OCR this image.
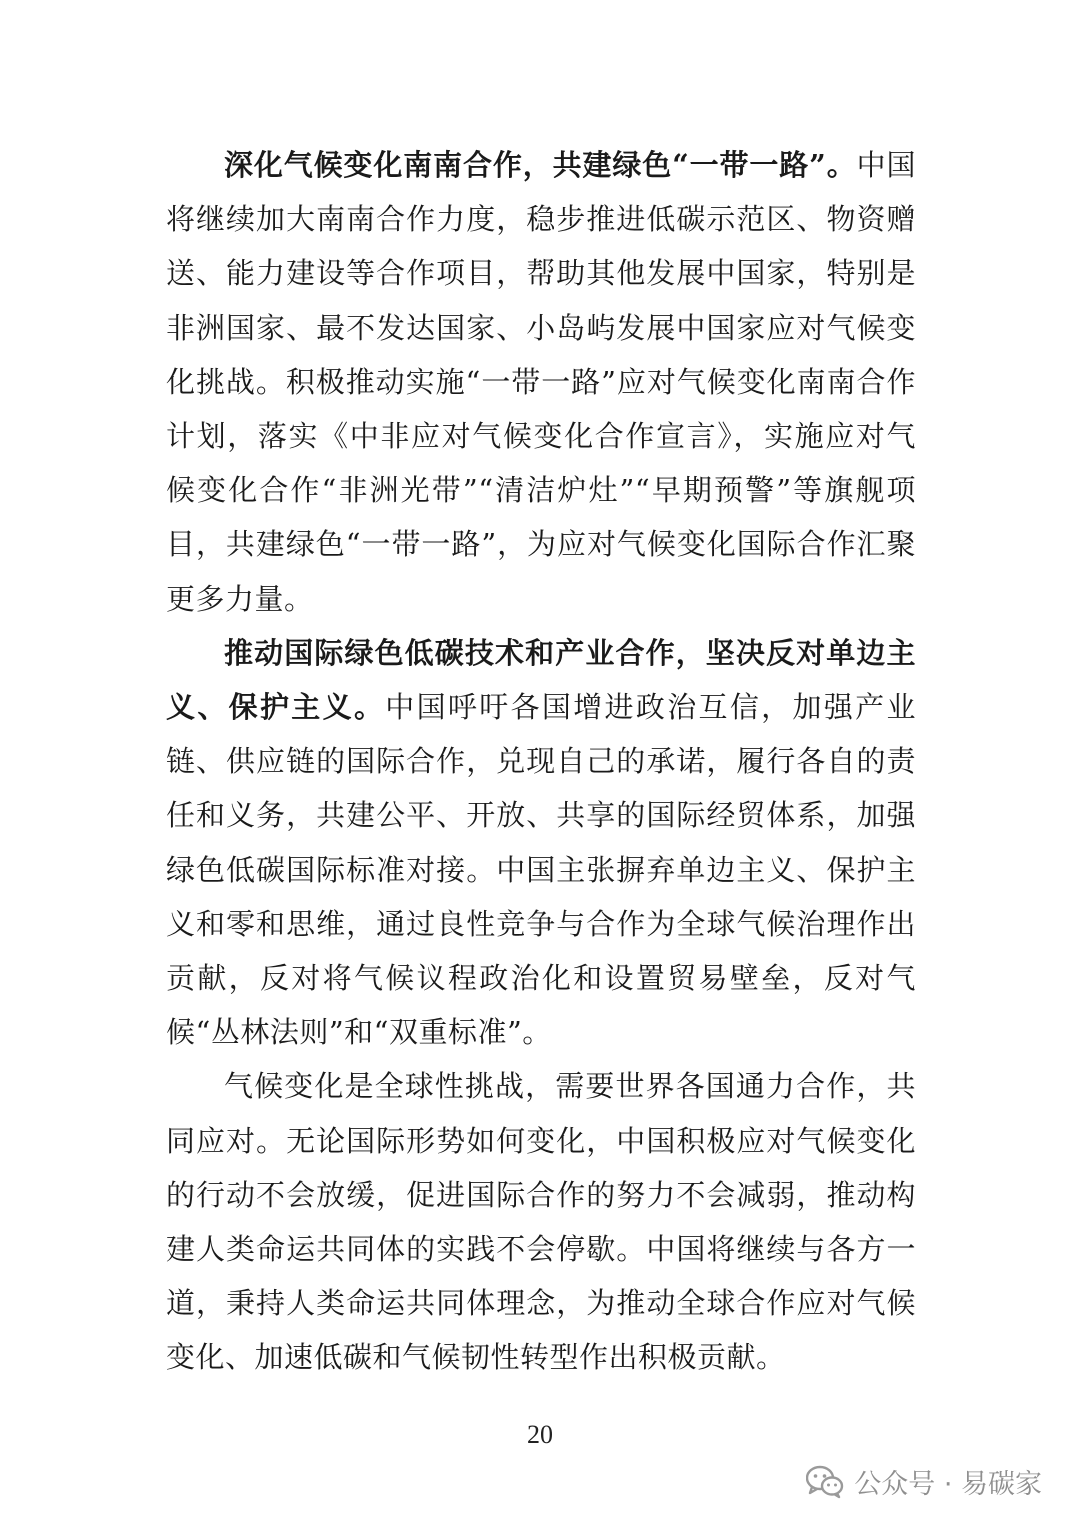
深化气候变化南南合作，共建绿色“一带一路”。中国将继续加大南南合作力度，稳步推进低碳示范区、物资赠送、能力建设等合作项目，帮助其他发展中国家，特别是非洲国家、最不发达国家、小岛屿发展中国家应对气候变化挑战。积极推动实施“一带一路”应对气候变化南南合作计划，落实《中非应对气候变化合作宣言》，实施应对气候变化合作“非洲光带”“清洁炉灶”“早期预警”等旗舰项目，共建绿色“一带一路”，为应对气候变化国际合作汇聚更多力量。

推动国际绿色低碳技术和产业合作，坚决反对单边主义、保护主义。中国呼吁各国增进政治互信，加强产业链、供应链的国际合作，兑现自己的承诺，履行各自的责任和义务，共建公平、开放、共享的国际经贸体系，加强绿色低碳国际标准对接。中国主张摒弃单边主义、保护主义和零和思维，通过良性竞争与合作为全球气候治理作出贡献，反对将气候议程政治化和设置贸易壁垒，反对气候“丛林法则”和“双重标准”。

气候变化是全球性挑战，需要世界各国通力合作，共同应对。无论国际形势如何变化，中国积极应对气候变化的行动不会放缓，促进国际合作的努力不会减弱，推动构建人类命运共同体的实践不会停歇。中国将继续与各方一道，秉持人类命运共同体理念，为推动全球合作应对气候变化、加速低碳和气候韧性转型作出积极贡献。

20
公众号 · 易碳家
